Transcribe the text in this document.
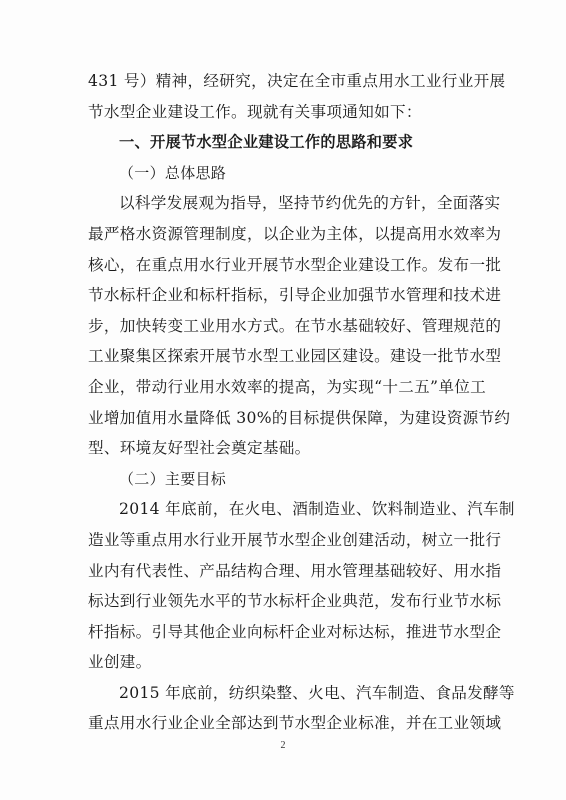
431 号）精神，经研究，决定在全市重点用水工业行业开展
节水型企业建设工作。现就有关事项通知如下：
一、开展节水型企业建设工作的思路和要求
（一）总体思路
以科学发展观为指导，坚持节约优先的方针，全面落实
最严格水资源管理制度，以企业为主体，以提高用水效率为
核心，在重点用水行业开展节水型企业建设工作。发布一批
节水标杆企业和标杆指标，引导企业加强节水管理和技术进
步，加快转变工业用水方式。在节水基础较好、管理规范的
工业聚集区探索开展节水型工业园区建设。建设一批节水型
企业，带动行业用水效率的提高，为实现“十二五”单位工
业增加值用水量降低 30%的目标提供保障，为建设资源节约
型、环境友好型社会奠定基础。
（二）主要目标
2014 年底前，在火电、酒制造业、饮料制造业、汽车制
造业等重点用水行业开展节水型企业创建活动，树立一批行
业内有代表性、产品结构合理、用水管理基础较好、用水指
标达到行业领先水平的节水标杆企业典范，发布行业节水标
杆指标。引导其他企业向标杆企业对标达标，推进节水型企
业创建。
2015 年底前，纺织染整、火电、汽车制造、食品发酵等
重点用水行业企业全部达到节水型企业标准，并在工业领域
2
